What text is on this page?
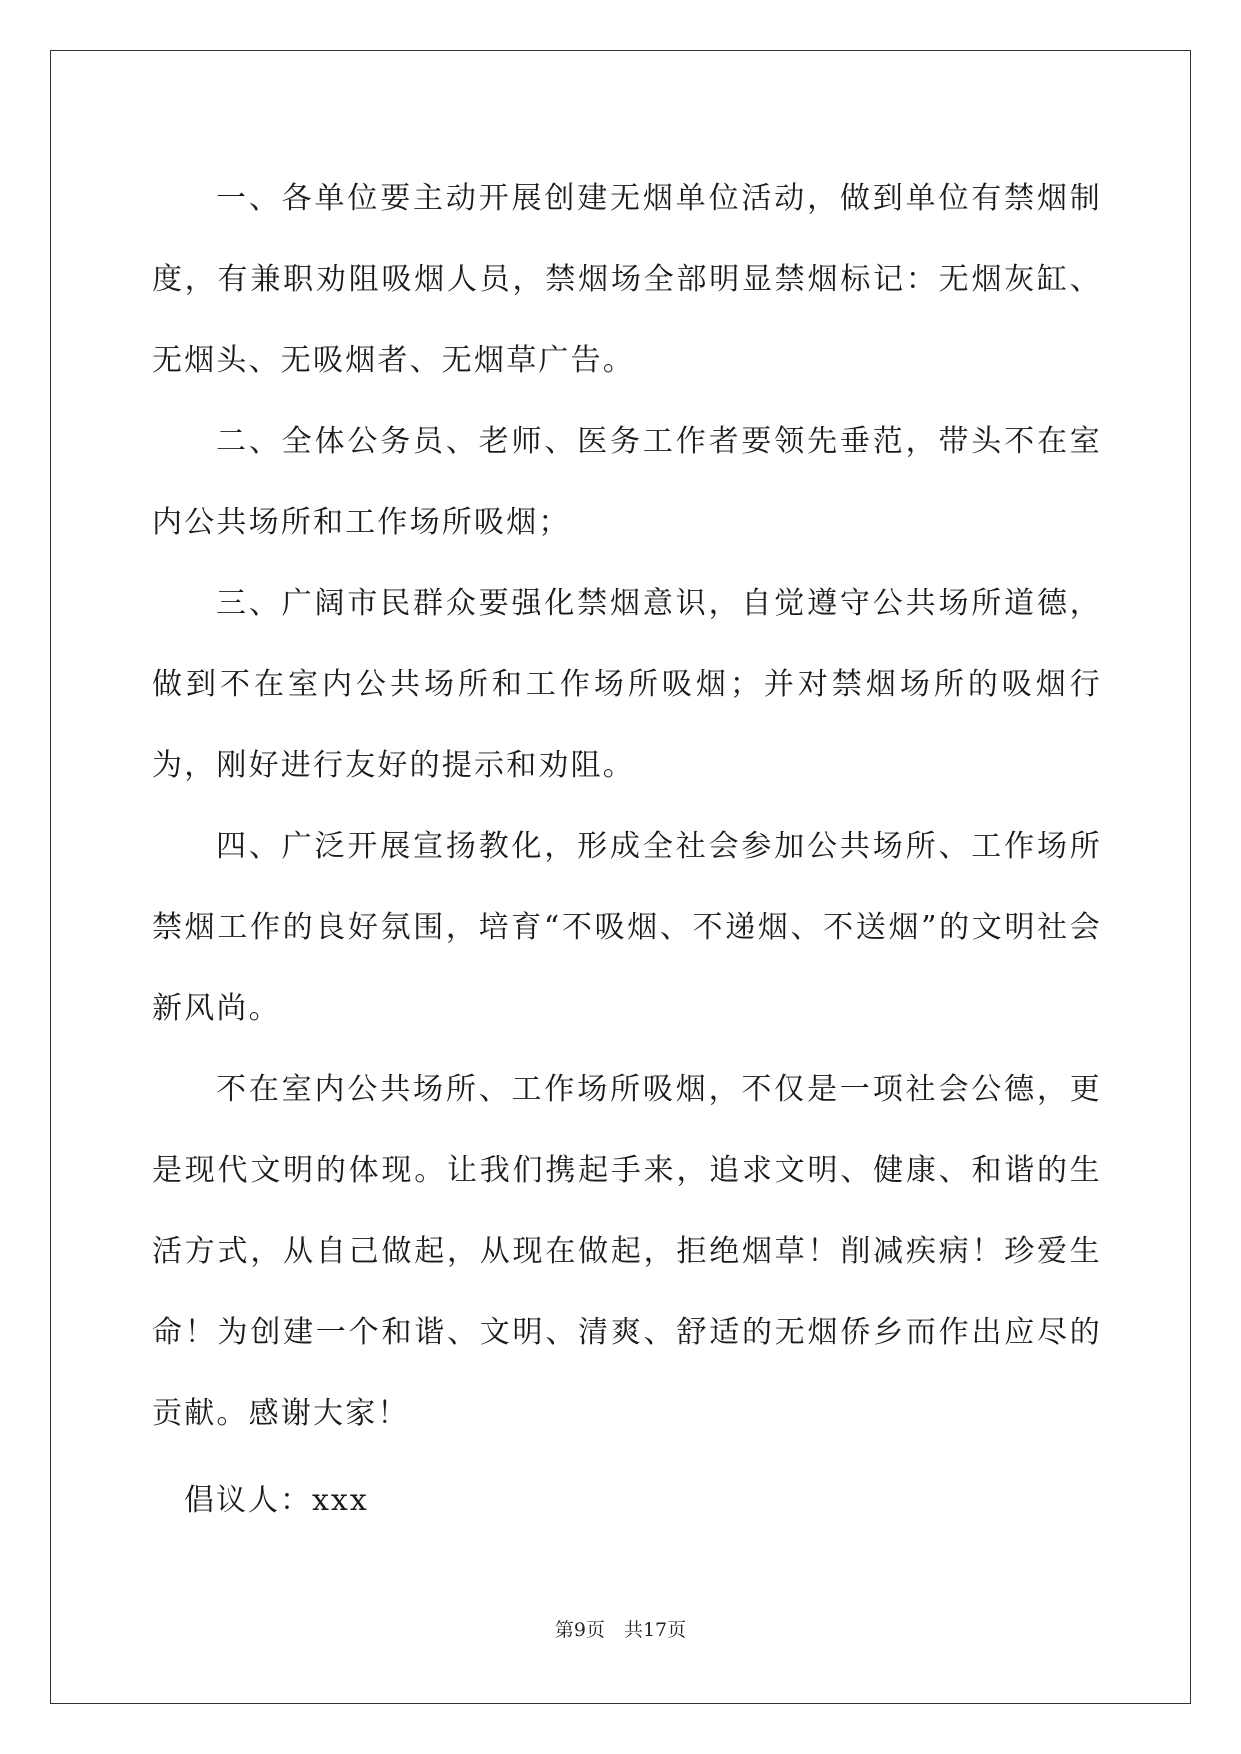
一、各单位要主动开展创建无烟单位活动，做到单位有禁烟制度，有兼职劝阻吸烟人员，禁烟场全部明显禁烟标记：无烟灰缸、无烟头、无吸烟者、无烟草广告。

二、全体公务员、老师、医务工作者要领先垂范，带头不在室内公共场所和工作场所吸烟；

三、广阔市民群众要强化禁烟意识，自觉遵守公共场所道德，做到不在室内公共场所和工作场所吸烟；并对禁烟场所的吸烟行为，刚好进行友好的提示和劝阻。

四、广泛开展宣扬教化，形成全社会参加公共场所、工作场所禁烟工作的良好氛围，培育“不吸烟、不递烟、不送烟”的文明社会新风尚。

不在室内公共场所、工作场所吸烟，不仅是一项社会公德，更是现代文明的体现。让我们携起手来，追求文明、健康、和谐的生活方式，从自己做起，从现在做起，拒绝烟草！削减疾病！珍爱生命！为创建一个和谐、文明、清爽、舒适的无烟侨乡而作出应尽的贡献。感谢大家！

倡议人：xxx

第9页　共17页
